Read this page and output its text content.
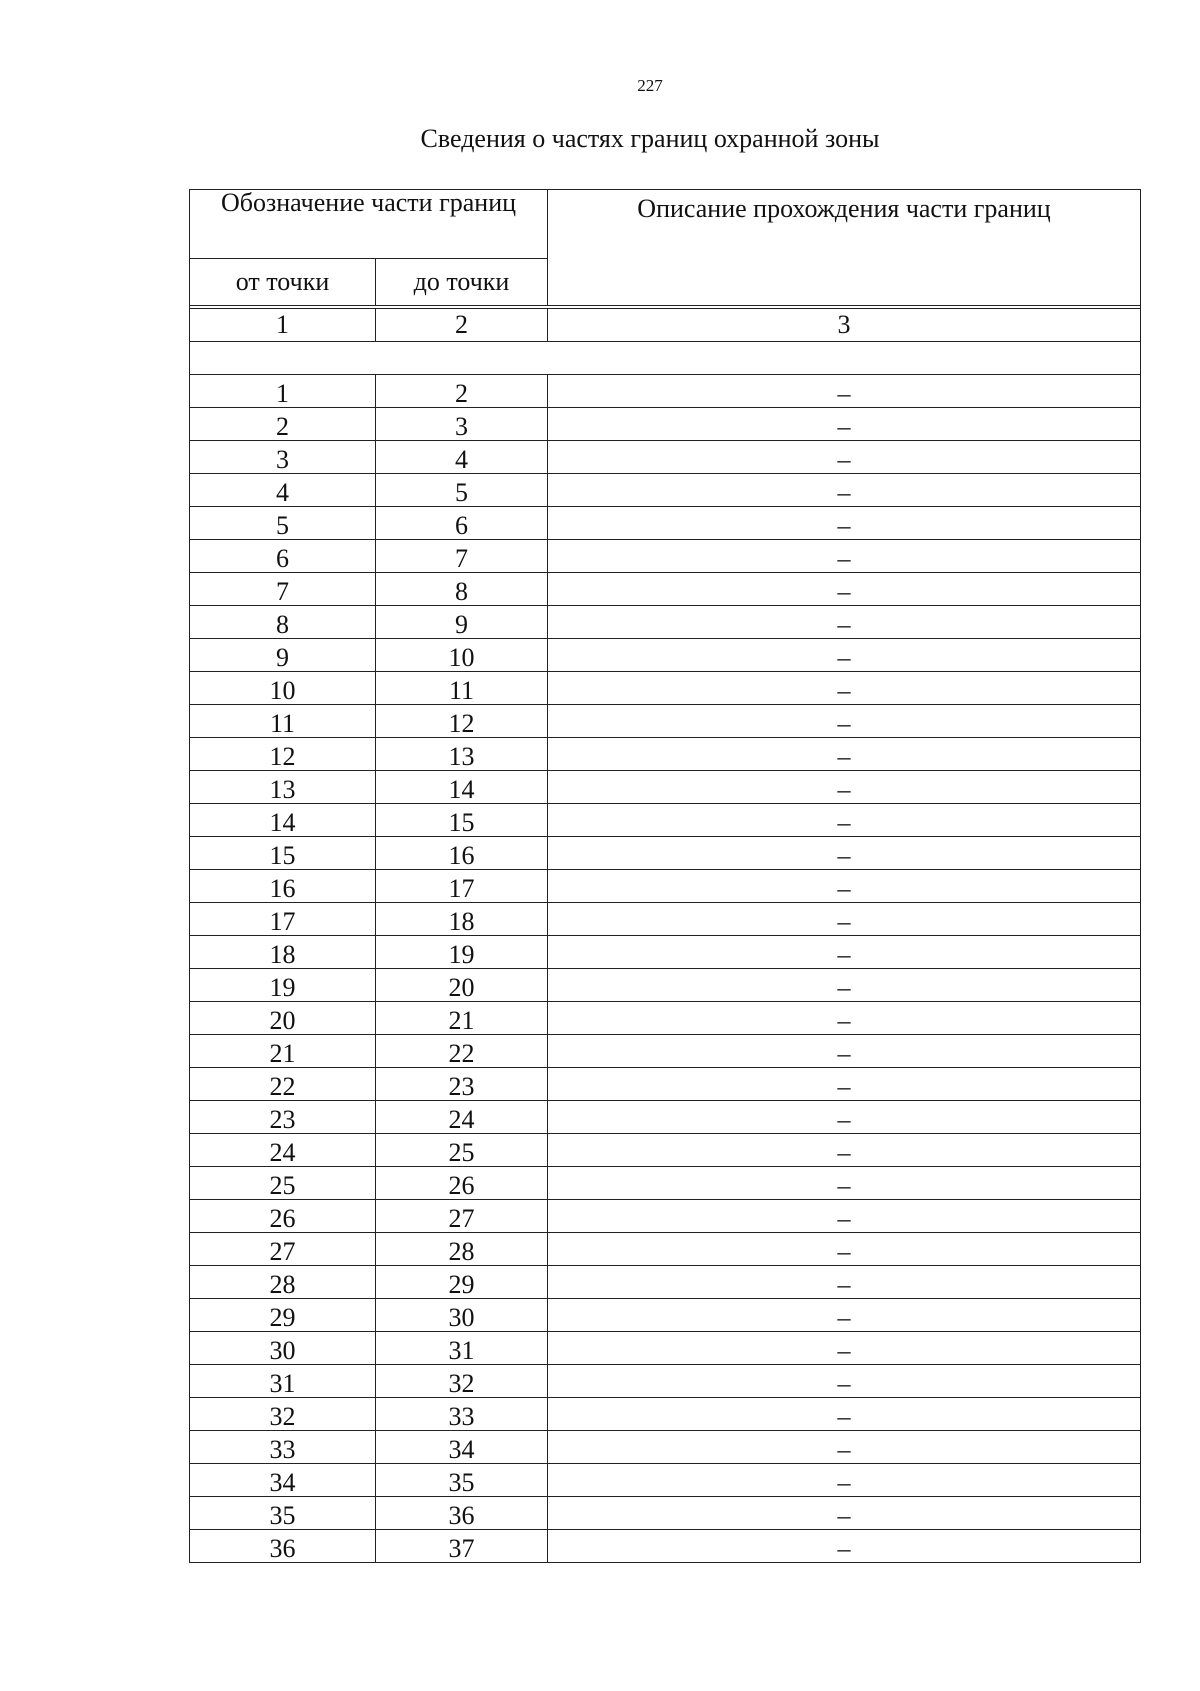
227
Сведения о частях границ охранной зоны
Обозначение части границ		Описание прохождения части границ
от точки	до точки	

1	2	3

1	2	–
2	3	–
3	4	–
4	5	–
5	6	–
6	7	–
7	8	–
8	9	–
9	10	–
10	11	–
11	12	–
12	13	–
13	14	–
14	15	–
15	16	–
16	17	–
17	18	–
18	19	–
19	20	–
20	21	–
21	22	–
22	23	–
23	24	–
24	25	–
25	26	–
26	27	–
27	28	–
28	29	–
29	30	–
30	31	–
31	32	–
32	33	–
33	34	–
34	35	–
35	36	–
36	37	–
